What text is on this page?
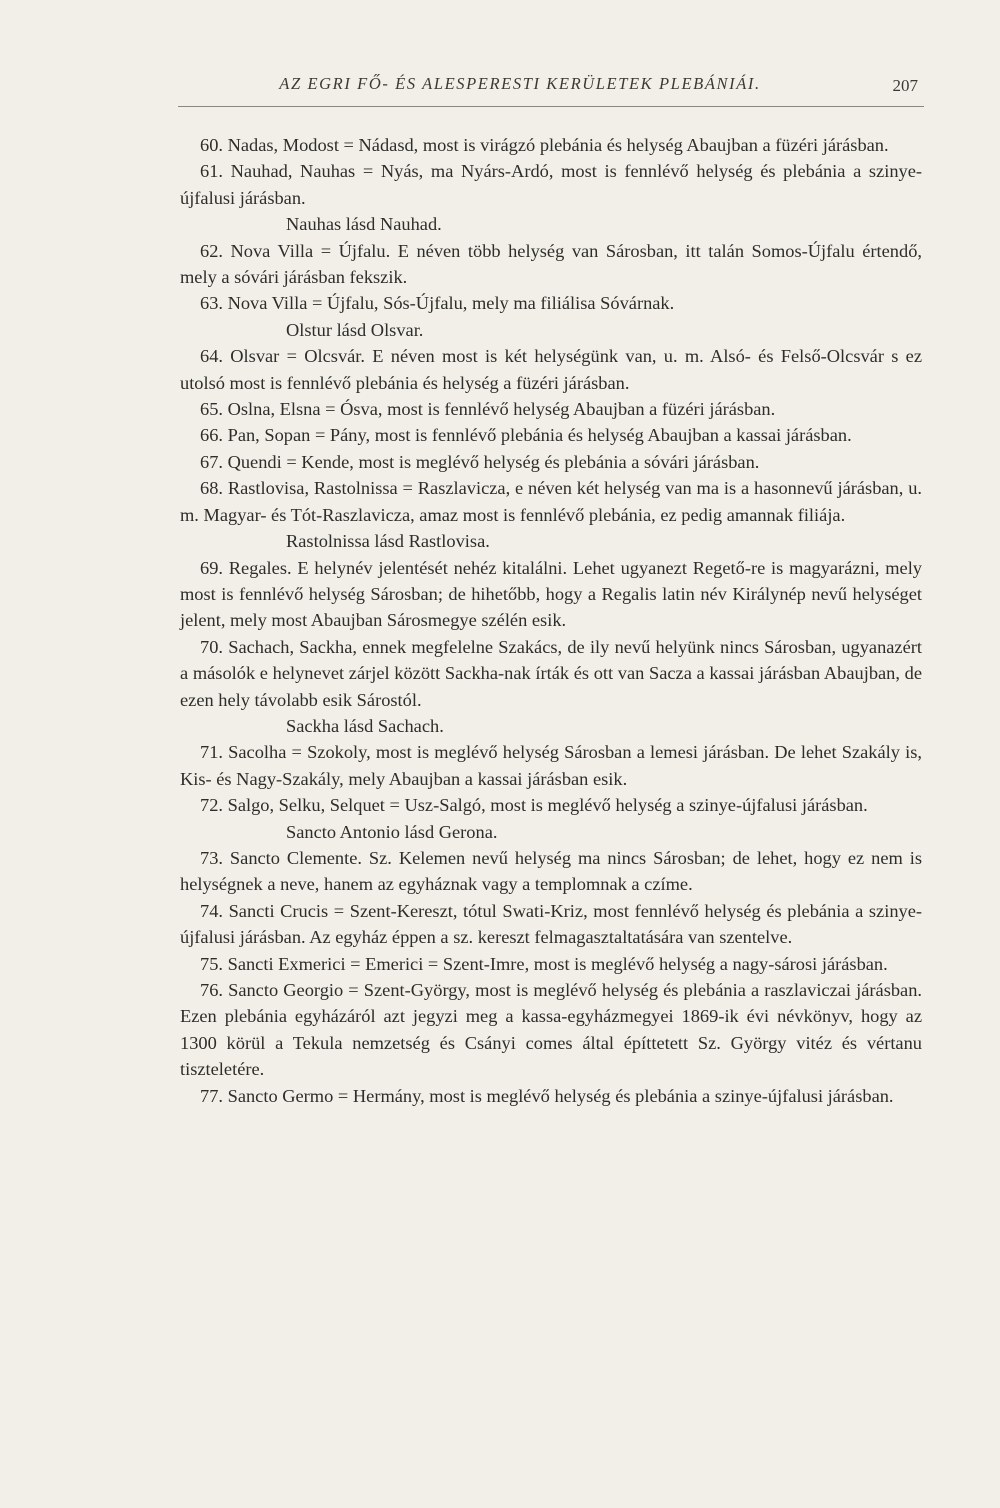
AZ EGRI FŐ- ÉS ALESPERESTI KERÜLETEK PLEBÁNIÁI.	207

60. Nadas, Modost = Nádasd, most is virágzó plebánia és helység Abaujban a füzéri járásban.

61. Nauhad, Nauhas = Nyás, ma Nyárs-Ardó, most is fennlévő helység és plebánia a szinye-újfalusi járásban.

Nauhas lásd Nauhad.

62. Nova Villa = Újfalu. E néven több helység van Sárosban, itt talán Somos-Újfalu értendő, mely a sóvári járásban fekszik.

63. Nova Villa = Újfalu, Sós-Újfalu, mely ma filiálisa Sóvárnak.

Olstur lásd Olsvar.

64. Olsvar = Olcsvár. E néven most is két helységünk van, u. m. Alsó- és Felső-Olcsvár s ez utolsó most is fennlévő plebánia és helység a füzéri járásban.

65. Oslna, Elsna = Ósva, most is fennlévő helység Abaujban a füzéri járásban.

66. Pan, Sopan = Pány, most is fennlévő plebánia és helység Abaujban a kassai járásban.

67. Quendi = Kende, most is meglévő helység és plebánia a sóvári járásban.

68. Rastlovisa, Rastolnissa = Raszlavicza, e néven két helység van ma is a hasonnevű járásban, u. m. Magyar- és Tót-Raszlavicza, amaz most is fennlévő plebánia, ez pedig amannak filiája.

Rastolnissa lásd Rastlovisa.

69. Regales. E helynév jelentését nehéz kitalálni. Lehet ugyanezt Regető-re is magyarázni, mely most is fennlévő helység Sárosban; de hihetőbb, hogy a Regalis latin név Királynép nevű helységet jelent, mely most Abaujban Sárosmegye szélén esik.

70. Sachach, Sackha, ennek megfelelne Szakács, de ily nevű helyünk nincs Sárosban, ugyanazért a másolók e helynevet zárjel között Sackha-nak írták és ott van Sacza a kassai járásban Abaujban, de ezen hely távolabb esik Sárostól.

Sackha lásd Sachach.

71. Sacolha = Szokoly, most is meglévő helység Sárosban a lemesi járásban. De lehet Szakály is, Kis- és Nagy-Szakály, mely Abaujban a kassai járásban esik.

72. Salgo, Selku, Selquet = Usz-Salgó, most is meglévő helység a szinye-újfalusi járásban.

Sancto Antonio lásd Gerona.

73. Sancto Clemente. Sz. Kelemen nevű helység ma nincs Sárosban; de lehet, hogy ez nem is helységnek a neve, hanem az egyháznak vagy a templomnak a czíme.

74. Sancti Crucis = Szent-Kereszt, tótul Swati-Kriz, most fennlévő helység és plebánia a szinye-újfalusi járásban. Az egyház éppen a sz. kereszt felmagasztaltatására van szentelve.

75. Sancti Exmerici = Emerici = Szent-Imre, most is meglévő helység a nagy-sárosi járásban.

76. Sancto Georgio = Szent-György, most is meglévő helység és plebánia a raszlaviczai járásban. Ezen plebánia egyházáról azt jegyzi meg a kassa-egyházmegyei 1869-ik évi névkönyv, hogy az 1300 körül a Tekula nemzetség és Csányi comes által építtetett Sz. György vitéz és vértanu tiszteletére.

77. Sancto Germo = Hermány, most is meglévő helység és plebánia a szinye-újfalusi járásban.
